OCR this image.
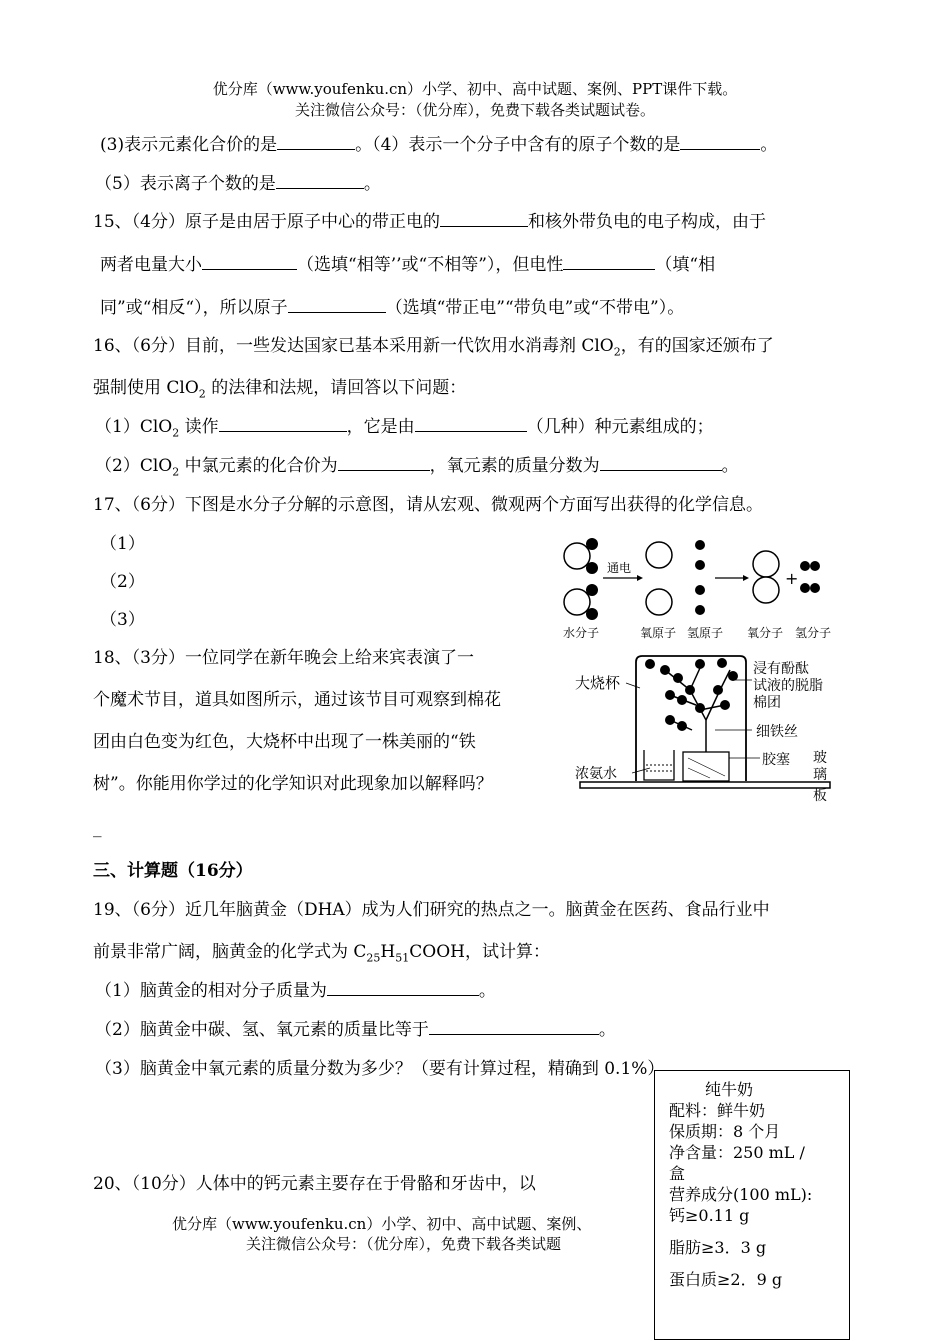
优分库（www.youfenku.cn）小学、初中、高中试题、案例、PPT课件下载。
关注微信公众号：（优分库），免费下载各类试题试卷。
(3)表示元素化合价的是	。（4）表示一个分子中含有的原子个数的是	。
（5）表示离子个数的是	。
15、（4分）原子是由居于原子中心的带正电的	和核外带负电的电子构成，由于
两者电量大小	（选填“相等’’或“不相等”），但电性	（填“相
同”或“相反“），所以原子	（选填“带正电”“带负电”或“不带电”）。
16、（6分）目前，一些发达国家已基本采用新一代饮用水消毒剂 ClO$_2$，有的国家还颁布了
强制使用 ClO$_2$ 的法律和法规，请回答以下问题：
（1）ClO$_2$ 读作	，它是由	（几种）种元素组成的；
（2）ClO$_2$ 中氯元素的化合价为	，氧元素的质量分数为	。
17、（6分）下图是水分子分解的示意图，请从宏观、微观两个方面写出获得的化学信息。
（1）
（2）
（3）
通电
+
水分子	氧原子 氢原子 氧分子 氢分子
18、（3分）一位同学在新年晚会上给来宾表演了一
个魔术节目，道具如图所示，通过该节目可观察到棉花
团由白色变为红色，大烧杯中出现了一株美丽的“铁
树”。你能用你学过的化学知识对此现象加以解释吗？
_
大烧杯
浸有酚酞
试液的脱脂
棉团
细铁丝
浓氨水
胶塞 玻
璃
板
三、计算题（16分）
19、（6分）近几年脑黄金（DHA）成为人们研究的热点之一。脑黄金在医药、食品行业中
前景非常广阔，脑黄金的化学式为 $C_{25}H_{51}COOH$，试计算：
（1）脑黄金的相对分子质量为	。
（2）脑黄金中碳、氢、氧元素的质量比等于	。
（3）脑黄金中氧元素的质量分数为多少？（要有计算过程，精确到 0.1%）
20、（10分）人体中的钙元素主要存在于骨骼和牙齿中，以
优分库（www.youfenku.cn）小学、初中、高中试题、案例、
关注微信公众号：（优分库），免费下载各类试题
纯牛奶
配料：鲜牛奶
保质期：8 个月
净含量：250 mL /
盒
营养成分(100 mL):
钙≥0.11 g
脂肪≥3．3 g
蛋白质≥2．9 g
